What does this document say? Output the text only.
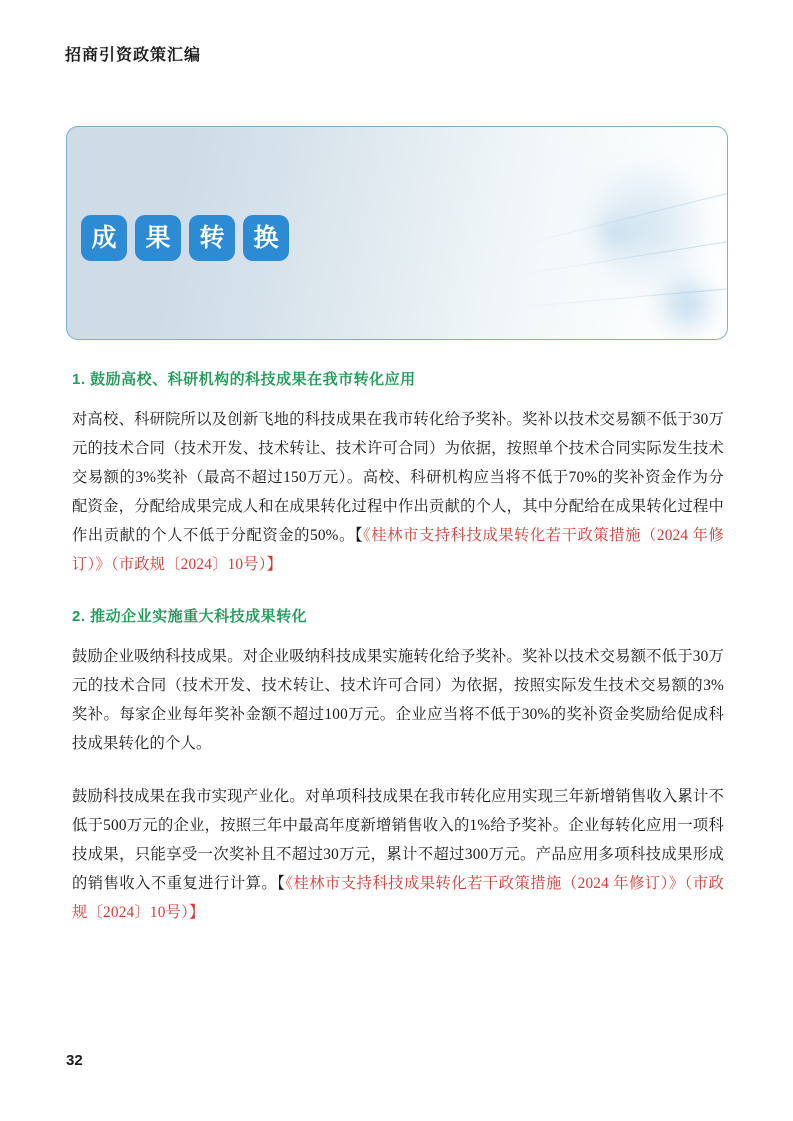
招商引资政策汇编
成	果	转	换
1. 鼓励高校、科研机构的科技成果在我市转化应用

对高校、科研院所以及创新飞地的科技成果在我市转化给予奖补。奖补以技术交易额不低于30万元的技术合同（技术开发、技术转让、技术许可合同）为依据，按照单个技术合同实际发生技术交易额的3%奖补（最高不超过150万元）。高校、科研机构应当将不低于70%的奖补资金作为分配资金，分配给成果完成人和在成果转化过程中作出贡献的个人，其中分配给在成果转化过程中作出贡献的个人不低于分配资金的50%。【《桂林市支持科技成果转化若干政策措施（2024 年修订）》（市政规〔2024〕10号）】

2. 推动企业实施重大科技成果转化

鼓励企业吸纳科技成果。对企业吸纳科技成果实施转化给予奖补。奖补以技术交易额不低于30万元的技术合同（技术开发、技术转让、技术许可合同）为依据，按照实际发生技术交易额的3%奖补。每家企业每年奖补金额不超过100万元。企业应当将不低于30%的奖补资金奖励给促成科技成果转化的个人。

鼓励科技成果在我市实现产业化。对单项科技成果在我市转化应用实现三年新增销售收入累计不低于500万元的企业，按照三年中最高年度新增销售收入的1%给予奖补。企业每转化应用一项科技成果，只能享受一次奖补且不超过30万元，累计不超过300万元。产品应用多项科技成果形成的销售收入不重复进行计算。【《桂林市支持科技成果转化若干政策措施（2024 年修订）》（市政规〔2024〕10号）】

32
